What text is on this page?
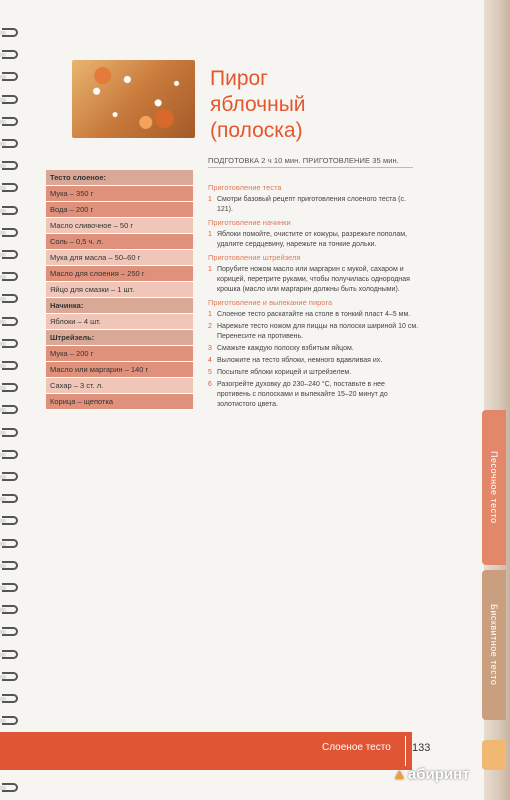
Песочное тесто
Бисквитное тесто
Пирог
яблочный
(полоска)
ПОДГОТОВКА 2 ч 10 мин. ПРИГОТОВЛЕНИЕ 35 мин.
Тесто слоеное:
Мука – 350 г
Вода – 200 г
Масло сливочное – 50 г
Соль – 0,5 ч. л.
Мука для масла – 50–60 г
Масло для слоения – 250 г
Яйцо для смазки – 1 шт.
Начинка:
Яблоки – 4 шт.
Штрейзель:
Мука – 200 г
Масло или маргарин – 140 г
Сахар – 3 ст. л.
Корица – щепотка
Приготовление теста
1 Смотри базовый рецепт приготовления слоеного теста (с. 121).
Приготовление начинки
1 Яблоки помойте, очистите от кожуры, разрежьте пополам, удалите сердцевину, нарежьте на тонкие дольки.
Приготовление штрейзеля
1 Порубите ножом масло или маргарин с мукой, сахаром и корицей, перетрите руками, чтобы получилась однородная крошка (масло или маргарин должны быть холодными).
Приготовление и выпекание пирога
1 Слоеное тесто раскатайте на столе в тонкий пласт 4–5 мм.
2 Нарежьте тесто ножом для пиццы на полоски шириной 10 см. Перенесите на противень.
3 Смажьте каждую полоску взбитым яйцом.
4 Выложите на тесто яблоки, немного вдавливая их.
5 Посыпьте яблоки корицей и штрейзелем.
6 Разогрейте духовку до 230–240 °С, поставьте в нее противень с полосками и выпекайте 15–20 минут до золотистого цвета.
Слоеное тесто 133
▲абиринт
